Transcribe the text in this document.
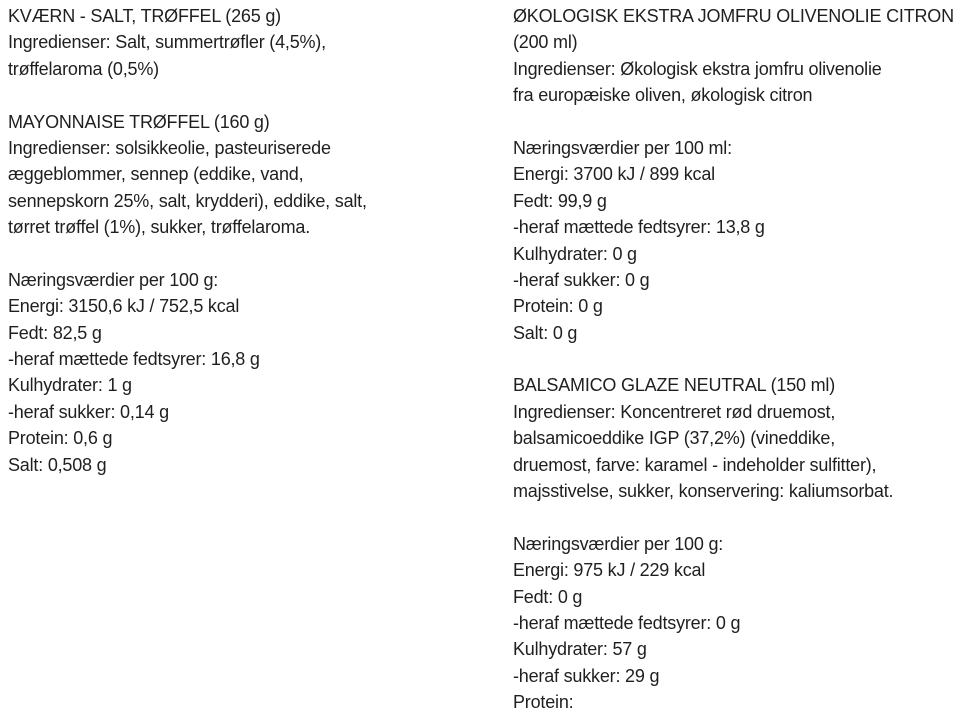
KVÆRN - SALT, TRØFFEL (265 g)
Ingredienser: Salt, summertrøfler (4,5%),
trøffelaroma (0,5%)
MAYONNAISE TRØFFEL (160 g)
Ingredienser: solsikkeolie, pasteuriserede
æggeblommer, sennep (eddike, vand,
sennepskorn 25%, salt, krydderi), eddike, salt,
tørret trøffel (1%), sukker, trøffelaroma.
Næringsværdier per 100 g:
Energi: 3150,6 kJ / 752,5 kcal
Fedt: 82,5 g
-heraf mættede fedtsyrer: 16,8 g
Kulhydrater: 1 g
-heraf sukker: 0,14 g
Protein: 0,6 g
Salt: 0,508 g
ØKOLOGISK EKSTRA JOMFRU OLIVENOLIE CITRON
(200 ml)
Ingredienser: Økologisk ekstra jomfru olivenolie
fra europæiske oliven, økologisk citron
Næringsværdier per 100 ml:
Energi: 3700 kJ / 899 kcal
Fedt: 99,9 g
-heraf mættede fedtsyrer: 13,8 g
Kulhydrater: 0 g
-heraf sukker: 0 g
Protein: 0 g
Salt: 0 g
BALSAMICO GLAZE NEUTRAL (150 ml)
Ingredienser: Koncentreret rød druemost,
balsamicoeddike IGP (37,2%) (vineddike,
druemost, farve: karamel - indeholder sulfitter),
majsstivelse, sukker, konservering: kaliumsorbat.
Næringsværdier per 100 g:
Energi: 975 kJ / 229 kcal
Fedt: 0 g
-heraf mættede fedtsyrer: 0 g
Kulhydrater: 57 g
-heraf sukker: 29 g
Protein:
